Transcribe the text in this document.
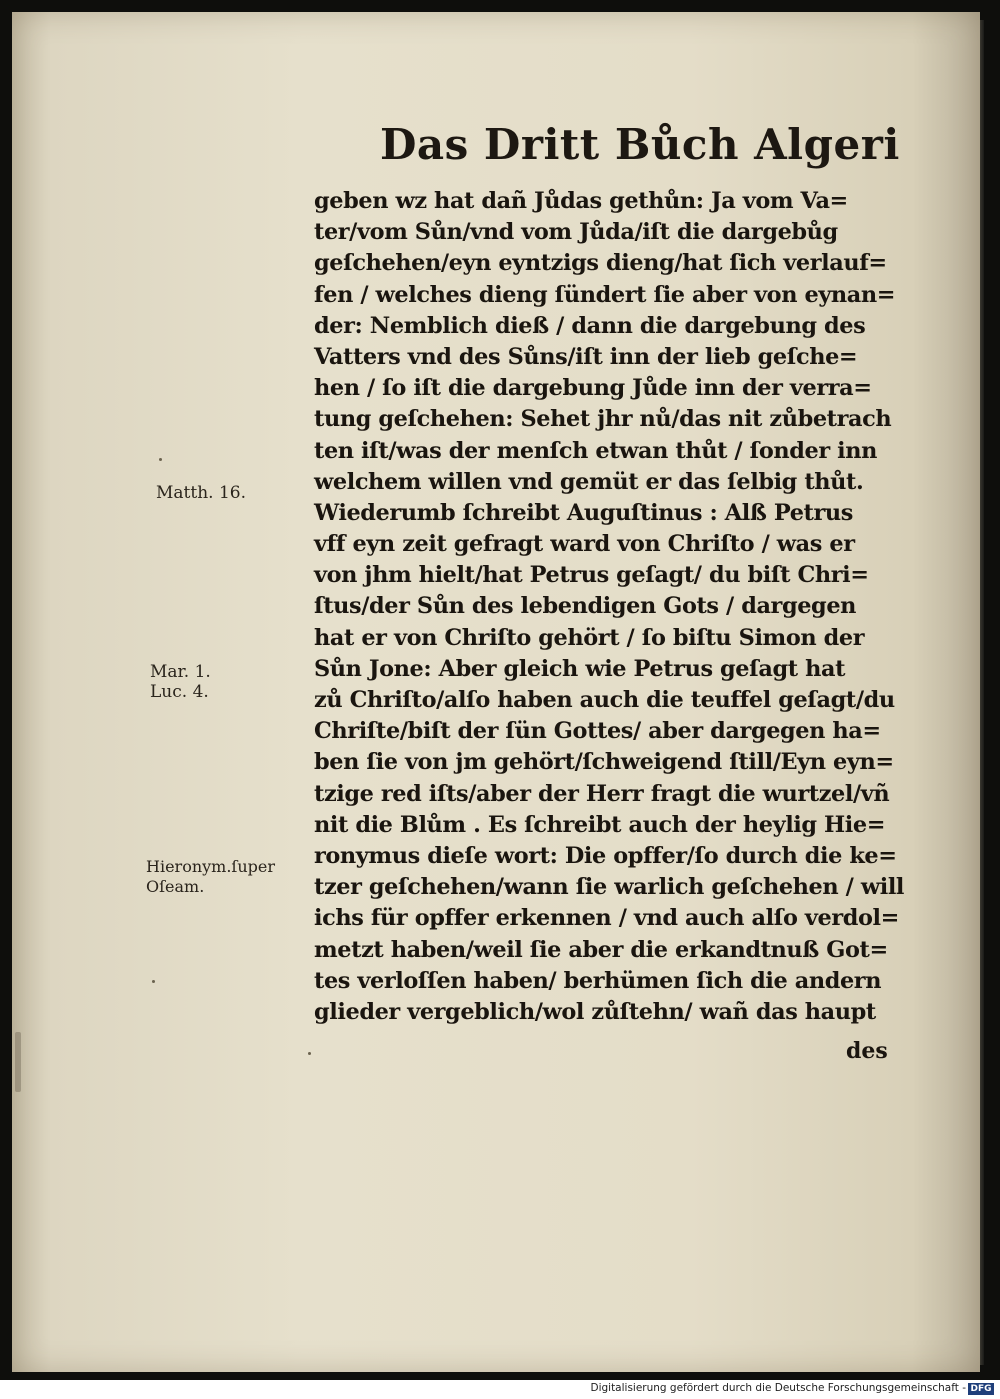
Das Dritt Bůch Algeri
geben wz hat dañ Jůdas gethůn: Ja vom Va=
ter/vom Sůn/vnd vom Jůda/iſt die dargebůg
geſchehen/eyn eyntzigs dieng/hat ſich verlauf=
fen / welches dieng ſündert ſie aber von eynan=
der: Nemblich dieß / dann die dargebung des
Vatters vnd des Sůns/iſt inn der lieb geſche=
hen / ſo iſt die dargebung Jůde inn der verra=
tung geſchehen: Sehet jhr nů/das nit zůbetrach
ten iſt/was der menſch etwan thůt / ſonder inn
welchem willen vnd gemüt er das ſelbig thůt.
Wiederumb ſchreibt Auguſtinus : Alß Petrus
vff eyn zeit gefragt ward von Chriſto / was er
von jhm hielt/hat Petrus geſagt/ du biſt Chri=
ſtus/der Sůn des lebendigen Gots / dargegen
hat er von Chriſto gehört / ſo biſtu Simon der
Sůn Jone: Aber gleich wie Petrus geſagt hat
zů Chriſto/alſo haben auch die teuffel geſagt/du
Chriſte/biſt der ſün Gottes/ aber dargegen ha=
ben ſie von jm gehört/ſchweigend ſtill/Eyn eyn=
tzige red iſts/aber der Herr fragt die wurtzel/vñ
nit die Blům . Es ſchreibt auch der heylig Hie=
ronymus dieſe wort: Die opffer/ſo durch die ke=
tzer geſchehen/wann ſie warlich geſchehen / will
ichs für opffer erkennen / vnd auch alſo verdol=
metzt haben/weil ſie aber die erkandtnuß Got=
tes verloſſen haben/ berhümen ſich die andern
glieder vergeblich/wol zůſtehn/ wañ das haupt
des
Matth. 16.
Mar. 1.
Luc. 4.
Hieronym.ſuper
Oſeam.
Digitalisierung gefördert durch die Deutsche Forschungsgemeinschaft - DFG
